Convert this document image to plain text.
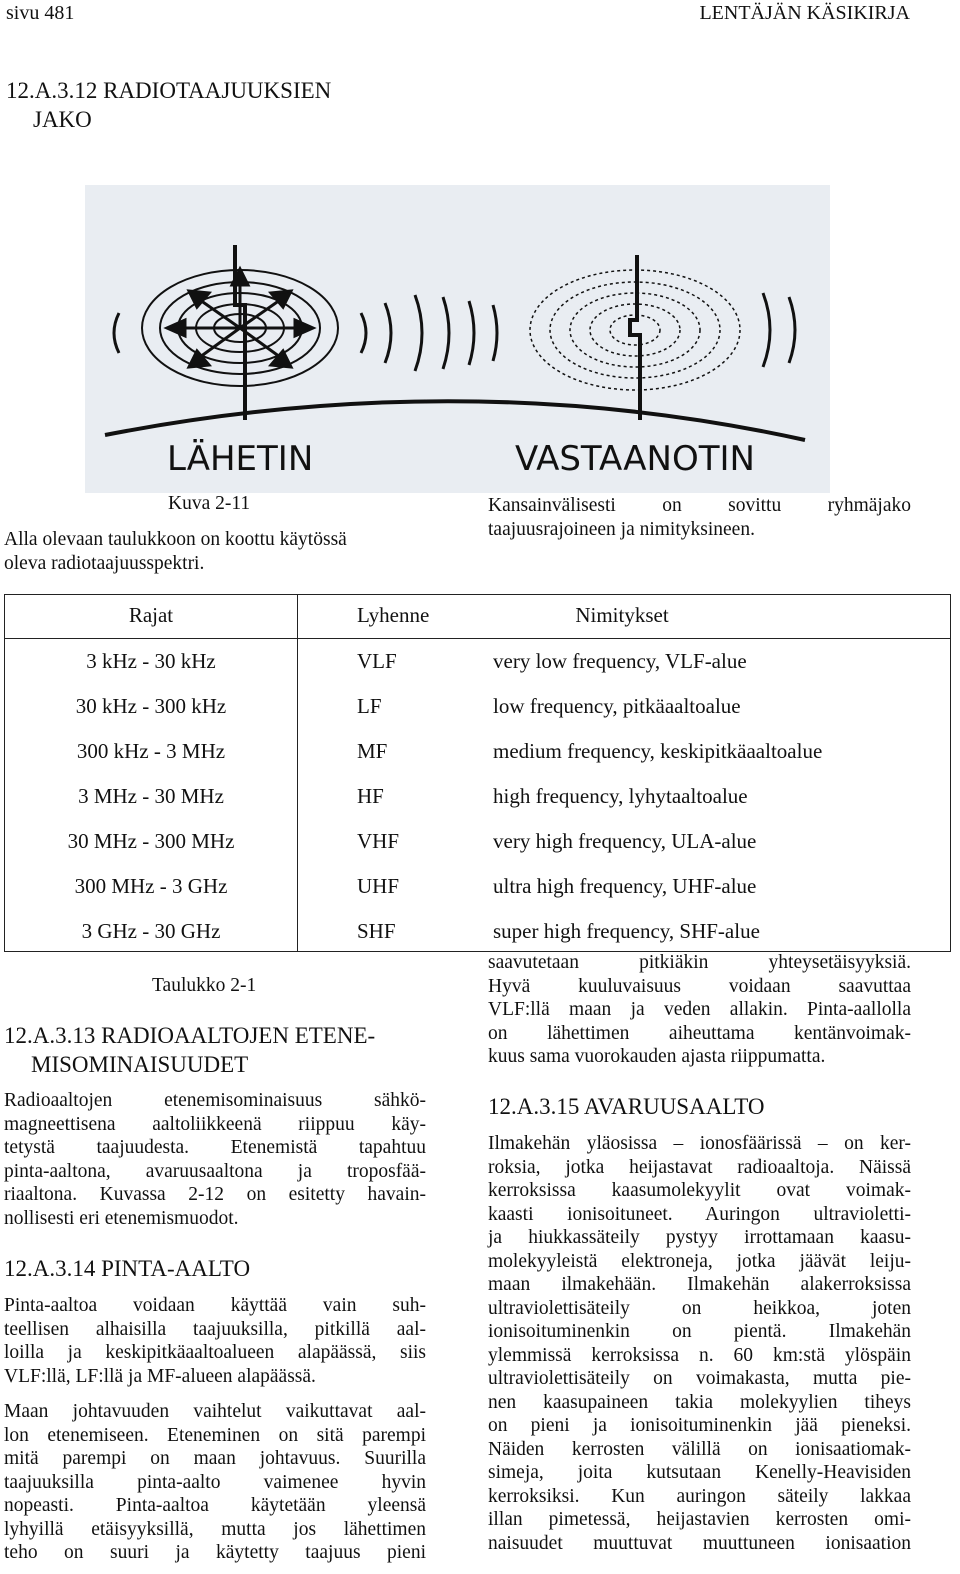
sivu 481	LENTÄJÄN KÄSIKIRJA
12.A.3.12 RADIOTAAJUUKSIEN
JAKO
LÄHETIN	VASTAANOTIN
Kuva 2-11
Alla olevaan taulukkoon on koottu käytössä
oleva radiotaajuusspektri.
Kansainvälisesti on sovittu ryhmäjako
taajuusrajoineen ja nimityksineen.
Rajat	Lyhenne	Nimitykset
3 kHz - 30 kHz	VLF	very low frequency, VLF-alue
30 kHz - 300 kHz	LF	low frequency, pitkäaaltoalue
300 kHz - 3 MHz	MF	medium frequency, keskipitkäaaltoalue
3 MHz - 30 MHz	HF	high frequency, lyhytaaltoalue
30 MHz - 300 MHz	VHF	very high frequency, ULA-alue
300 MHz - 3 GHz	UHF	ultra high frequency, UHF-alue
3 GHz - 30 GHz	SHF	super high frequency, SHF-alue
Taulukko 2-1
12.A.3.13 RADIOAALTOJEN ETENE-
MISOMINAISUUDET
Radioaaltojen etenemisominaisuus sähkö-
magneettisena aaltoliikkeenä riippuu käy-
tetystä taajuudesta. Etenemistä tapahtuu
pinta-aaltona, avaruusaaltona ja troposfää-
riaaltona. Kuvassa 2-12 on esitetty havain-
nollisesti eri etenemismuodot.
12.A.3.14 PINTA-AALTO
Pinta-aaltoa voidaan käyttää vain suh-
teellisen alhaisilla taajuuksilla, pitkillä aal-
loilla ja keskipitkäaaltoalueen alapäässä, siis
VLF:llä, LF:llä ja MF-alueen alapäässä.
Maan johtavuuden vaihtelut vaikuttavat aal-
lon etenemiseen. Eteneminen on sitä parempi
mitä parempi on maan johtavuus. Suurilla
taajuuksilla pinta-aalto vaimenee hyvin
nopeasti. Pinta-aaltoa käytetään yleensä
lyhyillä etäisyyksillä, mutta jos lähettimen
teho on suuri ja käytetty taajuus pieni
saavutetaan pitkiäkin yhteysetäisyyksiä.
Hyvä kuuluvaisuus voidaan saavuttaa
VLF:llä maan ja veden allakin. Pinta-aallolla
on lähettimen aiheuttama kentänvoimak-
kuus sama vuorokauden ajasta riippumatta.
12.A.3.15 AVARUUSAALTO
Ilmakehän yläosissa – ionosfäärissä – on ker-
roksia, jotka heijastavat radioaaltoja. Näissä
kerroksissa kaasumolekyylit ovat voimak-
kaasti ionisoituneet. Auringon ultravioletti-
ja hiukkassäteily pystyy irrottamaan kaasu-
molekyyleistä elektroneja, jotka jäävät leiju-
maan ilmakehään. Ilmakehän alakerroksissa
ultraviolettisäteily on heikkoa, joten
ionisoituminenkin on pientä. Ilmakehän
ylemmissä kerroksissa n. 60 km:stä ylöspäin
ultraviolettisäteily on voimakasta, mutta pie-
nen kaasupaineen takia molekyylien tiheys
on pieni ja ionisoituminenkin jää pieneksi.
Näiden kerrosten välillä on ionisaatiomak-
simeja, joita kutsutaan Kenelly-Heavisiden
kerroksiksi. Kun auringon säteily lakkaa
illan pimetessä, heijastavien kerrosten omi-
naisuudet muuttuvat muuttuneen ionisaation
